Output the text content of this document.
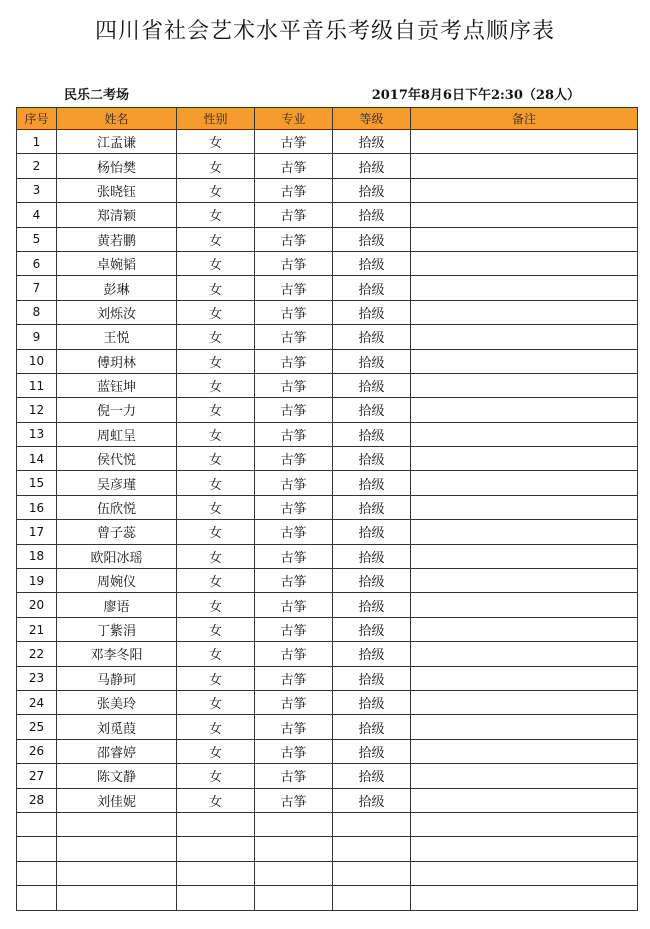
四川省社会艺术水平音乐考级自贡考点顺序表
民乐二考场	2017年8月6日下午2:30（28人）
序号	姓名	性别	专业	等级	备注
1	江孟谦	女	古筝	拾级	
2	杨怡樊	女	古筝	拾级	
3	张晓钰	女	古筝	拾级	
4	郑清颖	女	古筝	拾级	
5	黄若鹏	女	古筝	拾级	
6	卓婉韬	女	古筝	拾级	
7	彭琳	女	古筝	拾级	
8	刘烁汝	女	古筝	拾级	
9	王悦	女	古筝	拾级	
10	傅玥林	女	古筝	拾级	
11	蓝钰坤	女	古筝	拾级	
12	倪一力	女	古筝	拾级	
13	周虹呈	女	古筝	拾级	
14	侯代悦	女	古筝	拾级	
15	吴彦瑾	女	古筝	拾级	
16	伍欣悦	女	古筝	拾级	
17	曾子蕊	女	古筝	拾级	
18	欧阳冰瑶	女	古筝	拾级	
19	周婉仪	女	古筝	拾级	
20	廖语	女	古筝	拾级	
21	丁紫涓	女	古筝	拾级	
22	邓李冬阳	女	古筝	拾级	
23	马静珂	女	古筝	拾级	
24	张美玲	女	古筝	拾级	
25	刘觅葭	女	古筝	拾级	
26	邵睿婷	女	古筝	拾级	
27	陈文静	女	古筝	拾级	
28	刘佳妮	女	古筝	拾级	
